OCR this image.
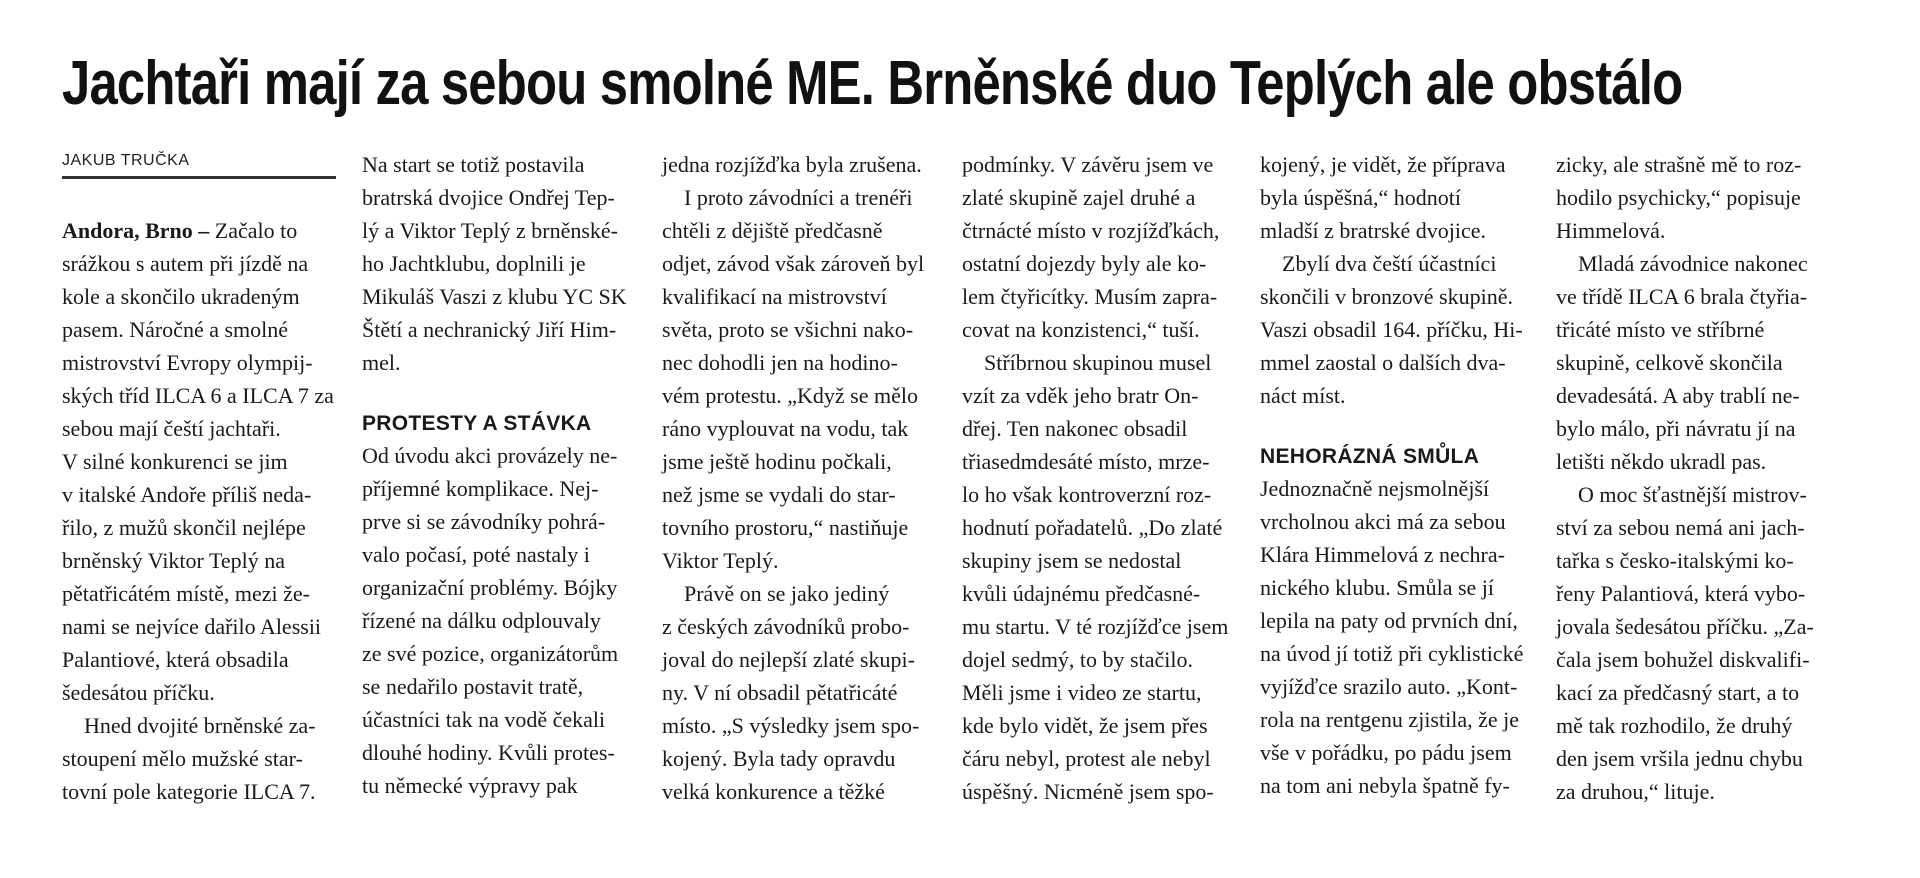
Jachtaři mají za sebou smolné ME. Brněnské duo Teplých ale obstálo
JAKUB TRUČKA

Andora, Brno – Začalo to

srážkou s autem při jízdě na
kole a skončilo ukradeným
pasem. Náročné a smolné
mistrovství Evropy olympij-
ských tříd ILCA 6 a ILCA 7 za
sebou mají čeští jachtaři.
V silné konkurenci se jim
v italské Andoře příliš neda-
řilo, z mužů skončil nejlépe
brněnský Viktor Teplý na
pětatřicátém místě, mezi že-
nami se nejvíce dařilo Alessii
Palantiové, která obsadila
šedesátou příčku.
Hned dvojité brněnské za-
stoupení mělo mužské star-
tovní pole kategorie ILCA 7.
Na start se totiž postavila
bratrská dvojice Ondřej Tep-
lý a Viktor Teplý z brněnské-
ho Jachtklubu, doplnili je
Mikuláš Vaszi z klubu YC SK
Štětí a nechranický Jiří Him-
mel.
PROTESTY A STÁVKA
Od úvodu akci provázely ne-
příjemné komplikace. Nej-
prve si se závodníky pohrá-
valo počasí, poté nastaly i
organizační problémy. Bójky
řízené na dálku odplouvaly
ze své pozice, organizátorům
se nedařilo postavit tratě,
účastníci tak na vodě čekali
dlouhé hodiny. Kvůli protes-
tu německé výpravy pak
jedna rozjížďka byla zrušena.
I proto závodníci a trenéři
chtěli z dějiště předčasně
odjet, závod však zároveň byl
kvalifikací na mistrovství
světa, proto se všichni nako-
nec dohodli jen na hodino-
vém protestu. „Když se mělo
ráno vyplouvat na vodu, tak
jsme ještě hodinu počkali,
než jsme se vydali do star-
tovního prostoru,“ nastiňuje
Viktor Teplý.
Právě on se jako jediný
z českých závodníků probo-
joval do nejlepší zlaté skupi-
ny. V ní obsadil pětatřicáté
místo. „S výsledky jsem spo-
kojený. Byla tady opravdu
velká konkurence a těžké
podmínky. V závěru jsem ve
zlaté skupině zajel druhé a
čtrnácté místo v rozjížďkách,
ostatní dojezdy byly ale ko-
lem čtyřicítky. Musím zapra-
covat na konzistenci,“ tuší.
Stříbrnou skupinou musel
vzít za vděk jeho bratr On-
dřej. Ten nakonec obsadil
třiasedmdesáté místo, mrze-
lo ho však kontroverzní roz-
hodnutí pořadatelů. „Do zlaté
skupiny jsem se nedostal
kvůli údajnému předčasné-
mu startu. V té rozjížďce jsem
dojel sedmý, to by stačilo.
Měli jsme i video ze startu,
kde bylo vidět, že jsem přes
čáru nebyl, protest ale nebyl
úspěšný. Nicméně jsem spo-
kojený, je vidět, že příprava
byla úspěšná,“ hodnotí
mladší z bratrské dvojice.
Zbylí dva čeští účastníci
skončili v bronzové skupině.
Vaszi obsadil 164. příčku, Hi-
mmel zaostal o dalších dva-
náct míst.
NEHORÁZNÁ SMŮLA
Jednoznačně nejsmolnější
vrcholnou akci má za sebou
Klára Himmelová z nechra-
nického klubu. Smůla se jí
lepila na paty od prvních dní,
na úvod jí totiž při cyklistické
vyjížďce srazilo auto. „Kont-
rola na rentgenu zjistila, že je
vše v pořádku, po pádu jsem
na tom ani nebyla špatně fy-
zicky, ale strašně mě to roz-
hodilo psychicky,“ popisuje
Himmelová.
Mladá závodnice nakonec
ve třídě ILCA 6 brala čtyřia-
třicáté místo ve stříbrné
skupině, celkově skončila
devadesátá. A aby trablí ne-
bylo málo, při návratu jí na
letišti někdo ukradl pas.
O moc šťastnější mistrov-
ství za sebou nemá ani jach-
tařka s česko-italskými ko-
řeny Palantiová, která vybo-
jovala šedesátou příčku. „Za-
čala jsem bohužel diskvalifi-
kací za předčasný start, a to
mě tak rozhodilo, že druhý
den jsem vršila jednu chybu
za druhou,“ lituje.
